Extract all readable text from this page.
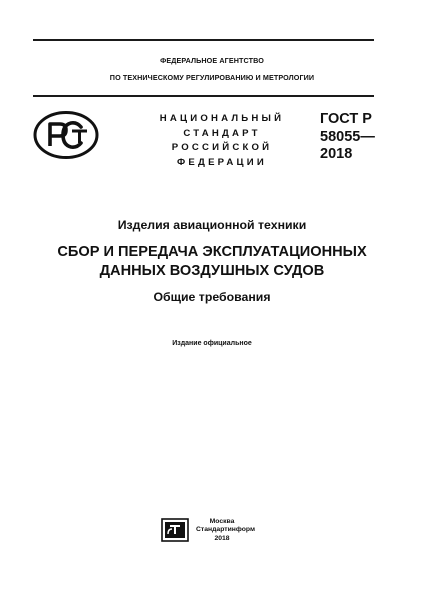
ФЕДЕРАЛЬНОЕ АГЕНТСТВО
ПО ТЕХНИЧЕСКОМУ РЕГУЛИРОВАНИЮ И МЕТРОЛОГИИ
НАЦИОНАЛЬНЫЙ
СТАНДАРТ
РОССИЙСКОЙ
ФЕДЕРАЦИИ
ГОСТ Р
58055—
2018
Изделия авиационной техники
СБОР И ПЕРЕДАЧА ЭКСПЛУАТАЦИОННЫХ
ДАННЫХ ВОЗДУШНЫХ СУДОВ
Общие требования
Издание официальное
Москва
Стандартинформ
2018
